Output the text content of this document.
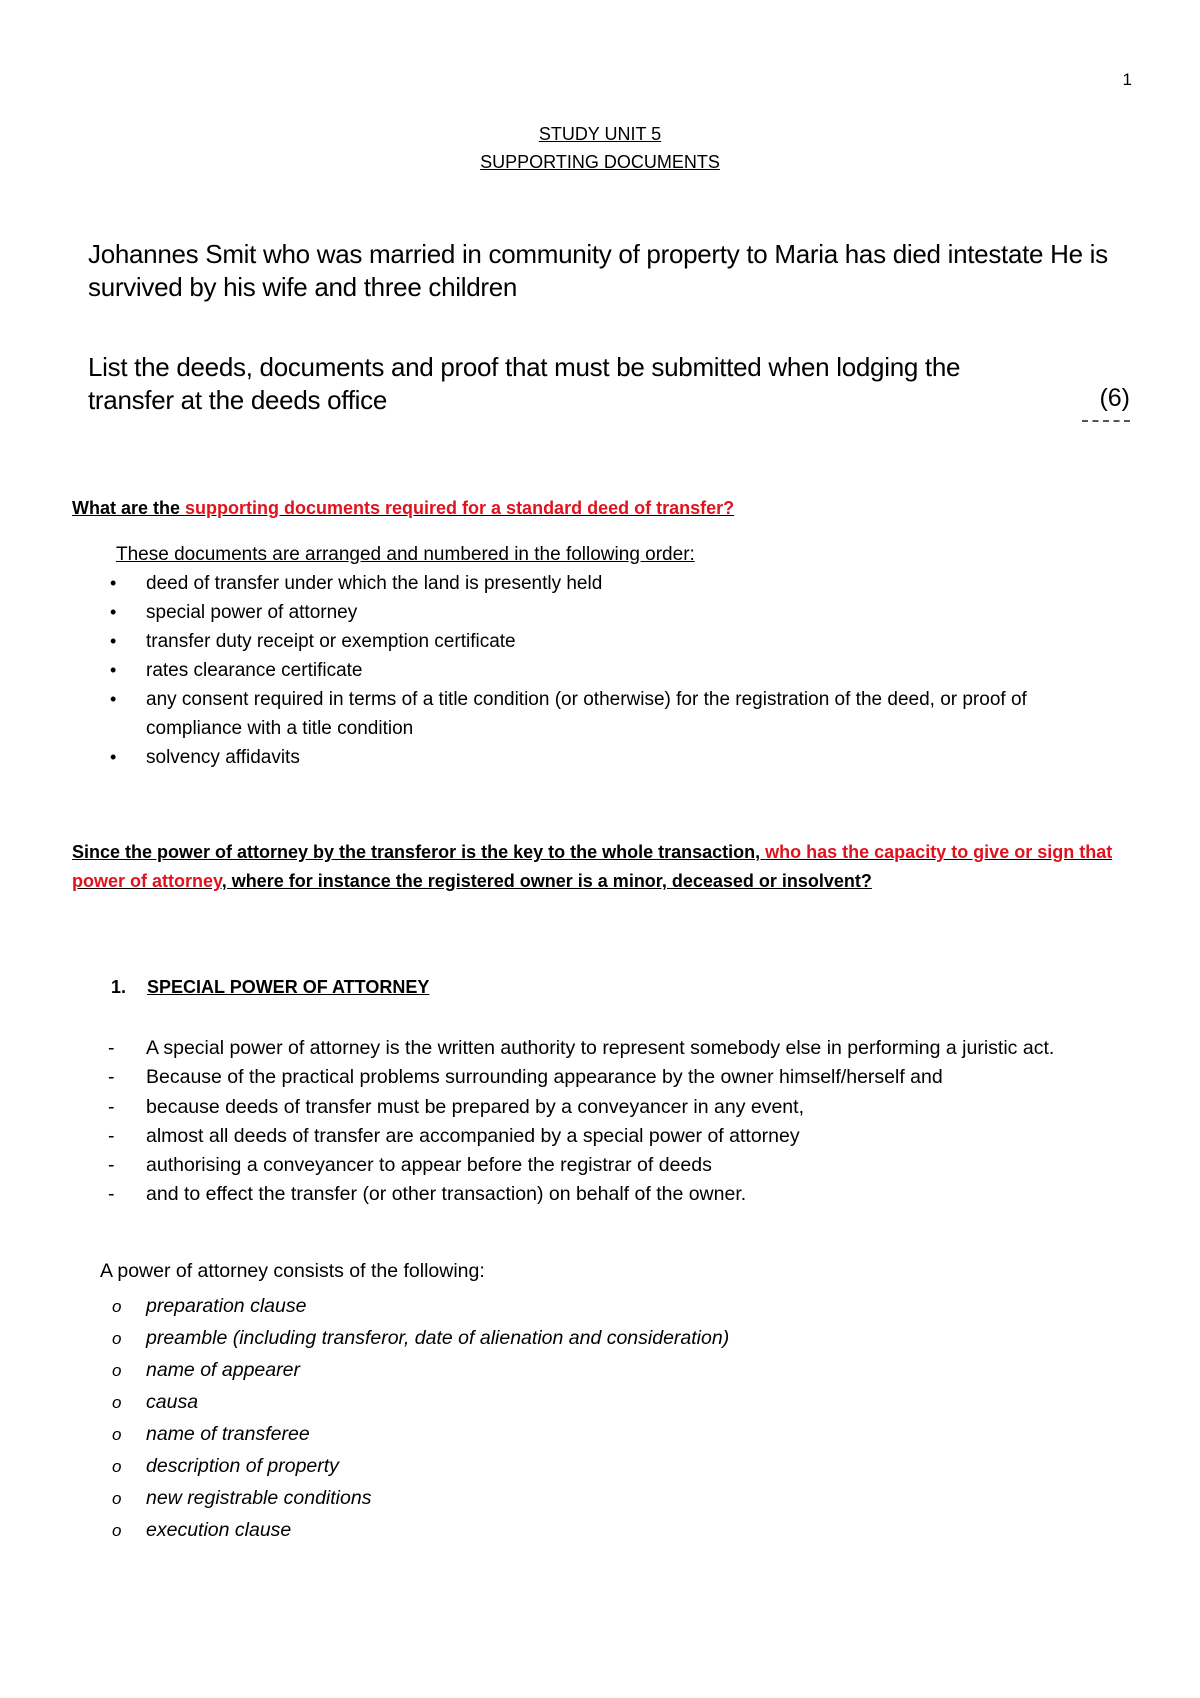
1
STUDY UNIT 5
SUPPORTING DOCUMENTS
Johannes Smit who was married in community of property to Maria has died intestate He is survived by his wife and three children
List the deeds, documents and proof that must be submitted when lodging the transfer at the deeds office	(6)
What are the supporting documents required for a standard deed of transfer?
These documents are arranged and numbered in the following order:
• deed of transfer under which the land is presently held
• special power of attorney
• transfer duty receipt or exemption certificate
• rates clearance certificate
• any consent required in terms of a title condition (or otherwise) for the registration of the deed, or proof of compliance with a title condition
• solvency affidavits
Since the power of attorney by the transferor is the key to the whole transaction, who has the capacity to give or sign that power of attorney, where for instance the registered owner is a minor, deceased or insolvent?
1. SPECIAL POWER OF ATTORNEY
- A special power of attorney is the written authority to represent somebody else in performing a juristic act.
- Because of the practical problems surrounding appearance by the owner himself/herself and
- because deeds of transfer must be prepared by a conveyancer in any event,
- almost all deeds of transfer are accompanied by a special power of attorney
- authorising a conveyancer to appear before the registrar of deeds
- and to effect the transfer (or other transaction) on behalf of the owner.
A power of attorney consists of the following:
o preparation clause
o preamble (including transferor, date of alienation and consideration)
o name of appearer
o causa
o name of transferee
o description of property
o new registrable conditions
o execution clause
